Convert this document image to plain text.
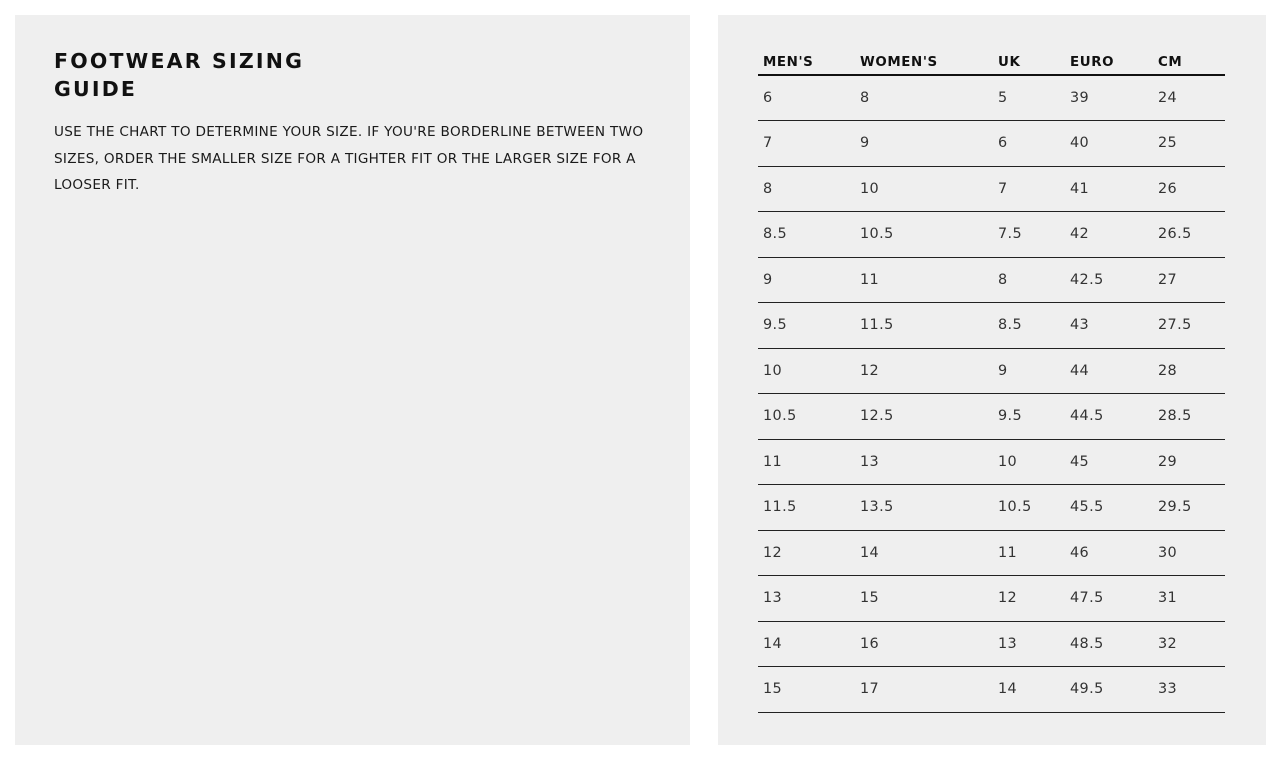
FOOTWEAR SIZING GUIDE

USE THE CHART TO DETERMINE YOUR SIZE. IF YOU'RE BORDERLINE BETWEEN TWO SIZES, ORDER THE SMALLER SIZE FOR A TIGHTER FIT OR THE LARGER SIZE FOR A LOOSER FIT.

MEN'S	WOMEN'S	UK	EURO	CM
6	8	5	39	24
7	9	6	40	25
8	10	7	41	26
8.5	10.5	7.5	42	26.5
9	11	8	42.5	27
9.5	11.5	8.5	43	27.5
10	12	9	44	28
10.5	12.5	9.5	44.5	28.5
11	13	10	45	29
11.5	13.5	10.5	45.5	29.5
12	14	11	46	30
13	15	12	47.5	31
14	16	13	48.5	32
15	17	14	49.5	33
